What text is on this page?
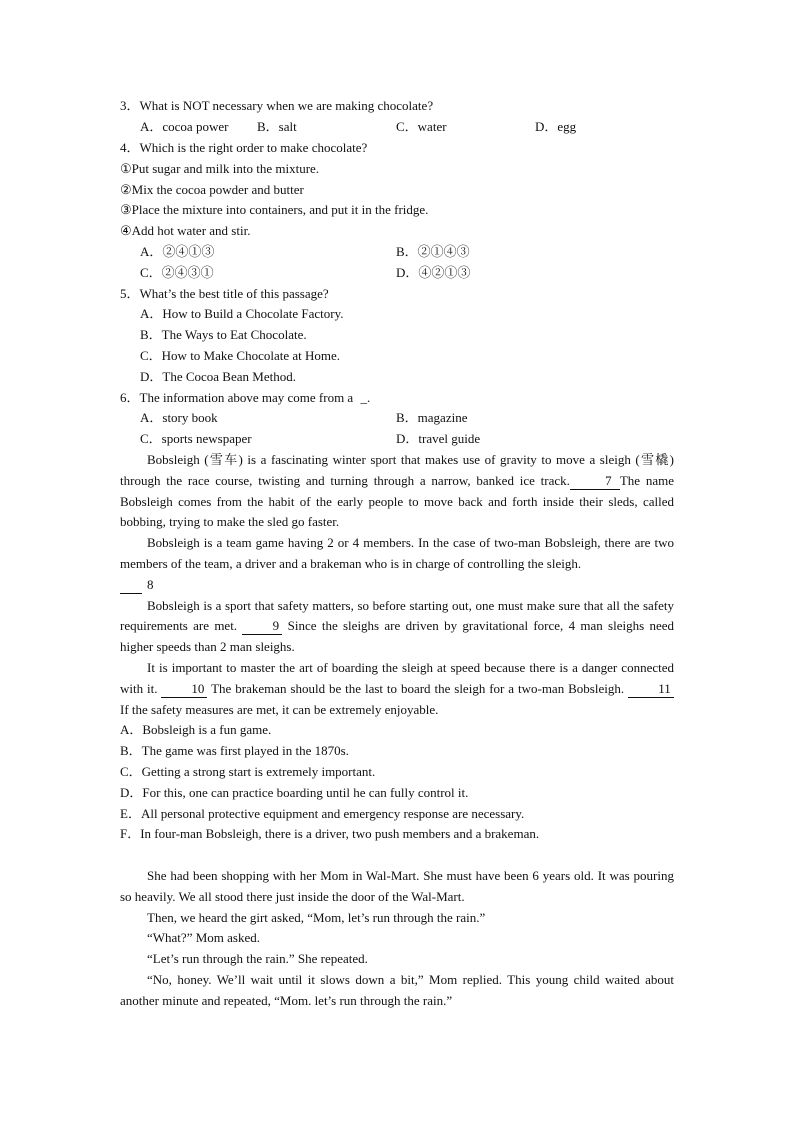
3．What is NOT necessary when we are making chocolate?
A．cocoa power B．salt	C．water	D．egg
4．Which is the right order to make chocolate?
①Put sugar and milk into the mixture.
②Mix the cocoa powder and butter
③Place the mixture into containers, and put it in the fridge.
④Add hot water and stir.
A．②④①③	B．②①④③
C．②④③①	D．④②①③
5．What’s the best title of this passage?
A．How to Build a Chocolate Factory.
B．The Ways to Eat Chocolate.
C．How to Make Chocolate at Home.
D．The Cocoa Bean Method.
6．The information above may come from a _.
A．story book	B．magazine
C．sports newspaper	D．travel guide

Bobsleigh (雪车) is a fascinating winter sport that makes use of gravity to move a sleigh (雪橇) through the race course, twisting and turning through a narrow, banked ice track.	7 The name Bobsleigh comes from the habit of the early people to move back and forth inside their sleds, called bobbing, trying to make the sled go faster.

Bobsleigh is a team game having 2 or 4 members. In the case of two-man Bobsleigh, there are two members of the team, a driver and a brakeman who is in charge of controlling the sleigh.
8

Bobsleigh is a sport that safety matters, so before starting out, one must make sure that all the safety requirements are met.	9 Since the sleighs are driven by gravitational force, 4 man sleighs need higher speeds than 2 man sleighs.

It is important to master the art of boarding the sleigh at speed because there is a danger connected with it.	10 The brakeman should be the last to board the sleigh for a two-man Bobsleigh.	11 If the safety measures are met, it can be extremely enjoyable.

A．Bobsleigh is a fun game.

B．The game was first played in the 1870s.

C．Getting a strong start is extremely important.

D．For this, one can practice boarding until he can fully control it.

E．All personal protective equipment and emergency response are necessary.

F．In four-man Bobsleigh, there is a driver, two push members and a brakeman.

She had been shopping with her Mom in Wal-Mart. She must have been 6 years old. It was pouring so heavily. We all stood there just inside the door of the Wal-Mart.

Then, we heard the girt asked, “Mom, let’s run through the rain.”

“What?” Mom asked.

“Let’s run through the rain.” She repeated.

“No, honey. We’ll wait until it slows down a bit,” Mom replied. This young child waited about another minute and repeated, “Mom. let’s run through the rain.”
